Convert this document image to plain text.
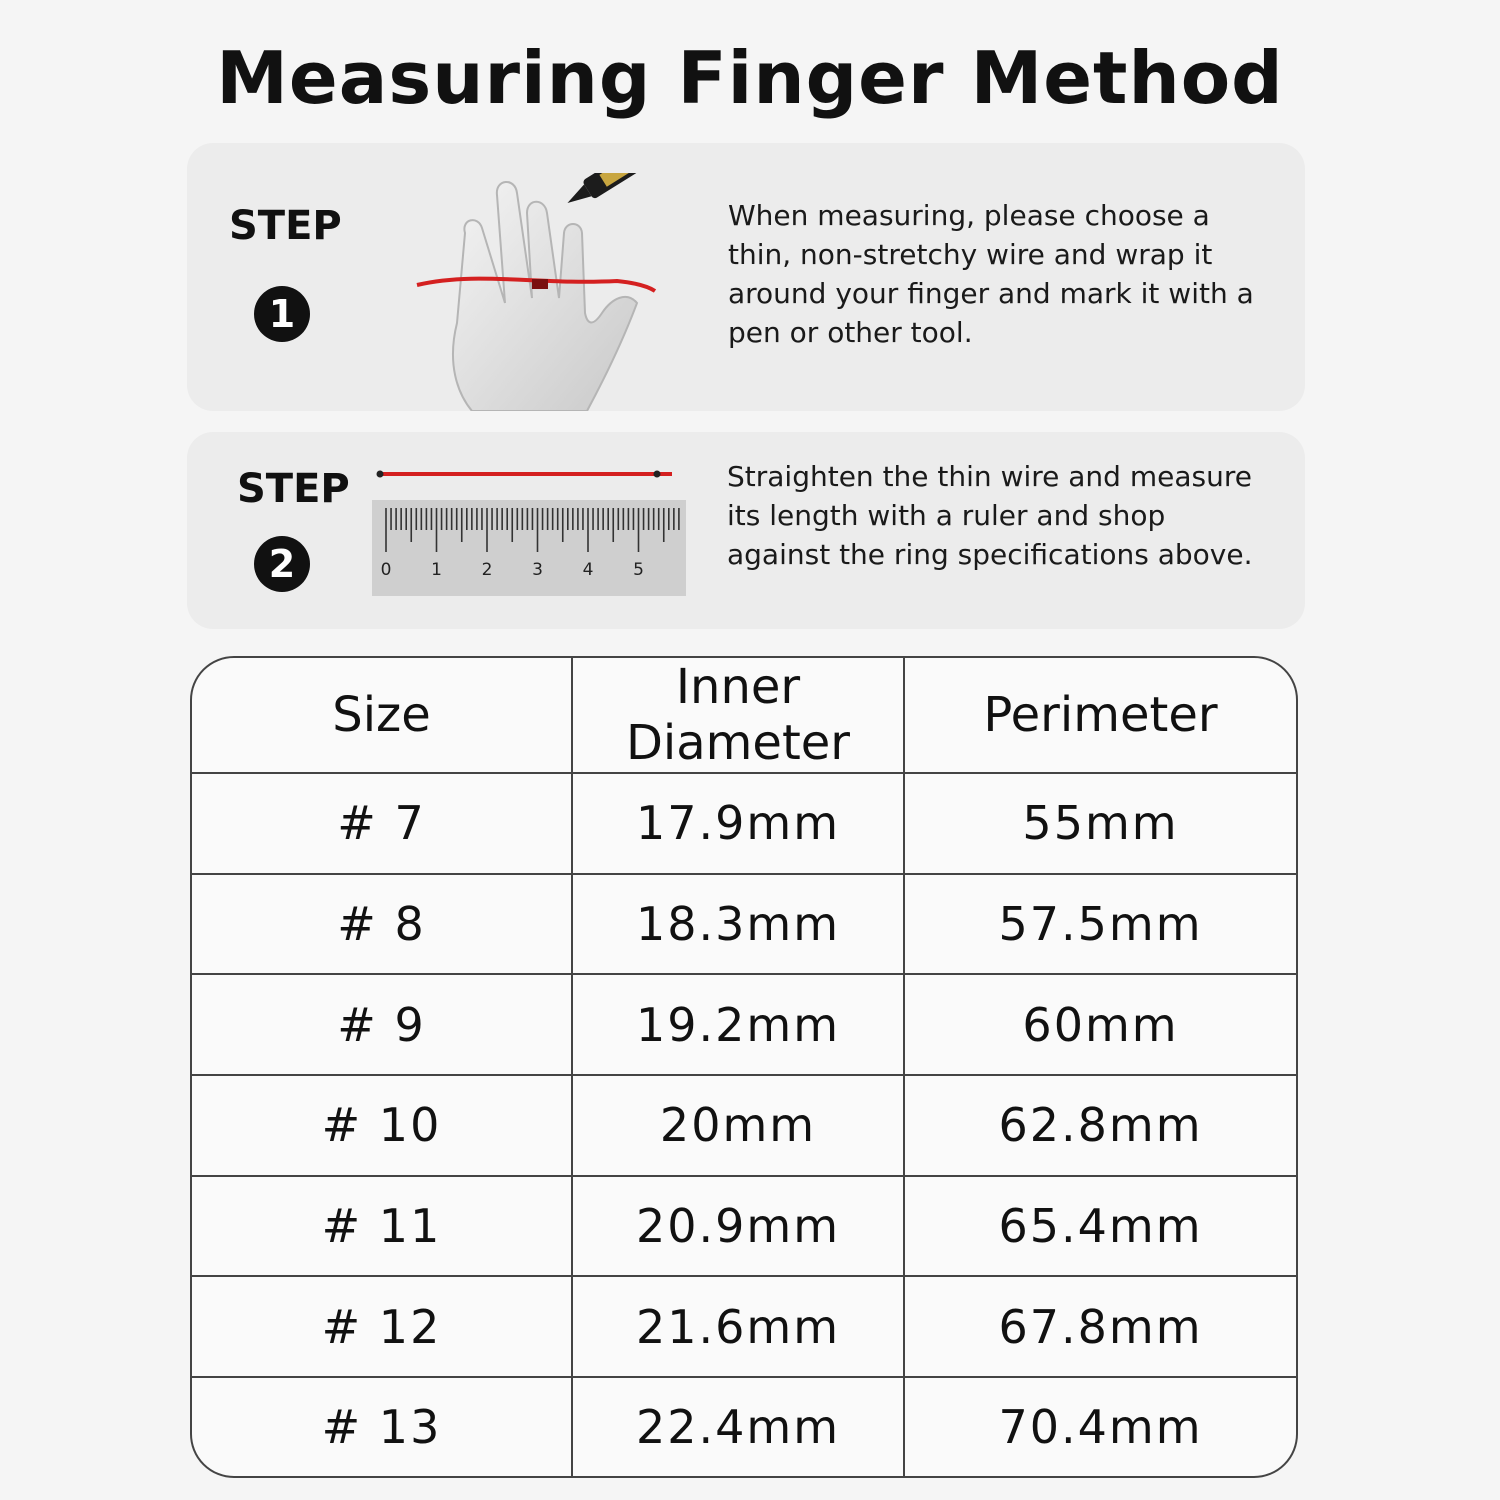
Measuring Finger Method
STEP
1
When measuring, please choose a thin, non-stretchy wire and wrap it around your finger and mark it with a pen or other tool.
STEP
2	0 1 2 3 4 5
Straighten the thin wire and measure its length with a ruler and shop against the ring specifications above.
Size	Inner Diameter	Perimeter
# 7	17.9mm	55mm
# 8	18.3mm	57.5mm
# 9	19.2mm	60mm
# 10	20mm	62.8mm
# 11	20.9mm	65.4mm
# 12	21.6mm	67.8mm
# 13	22.4mm	70.4mm
